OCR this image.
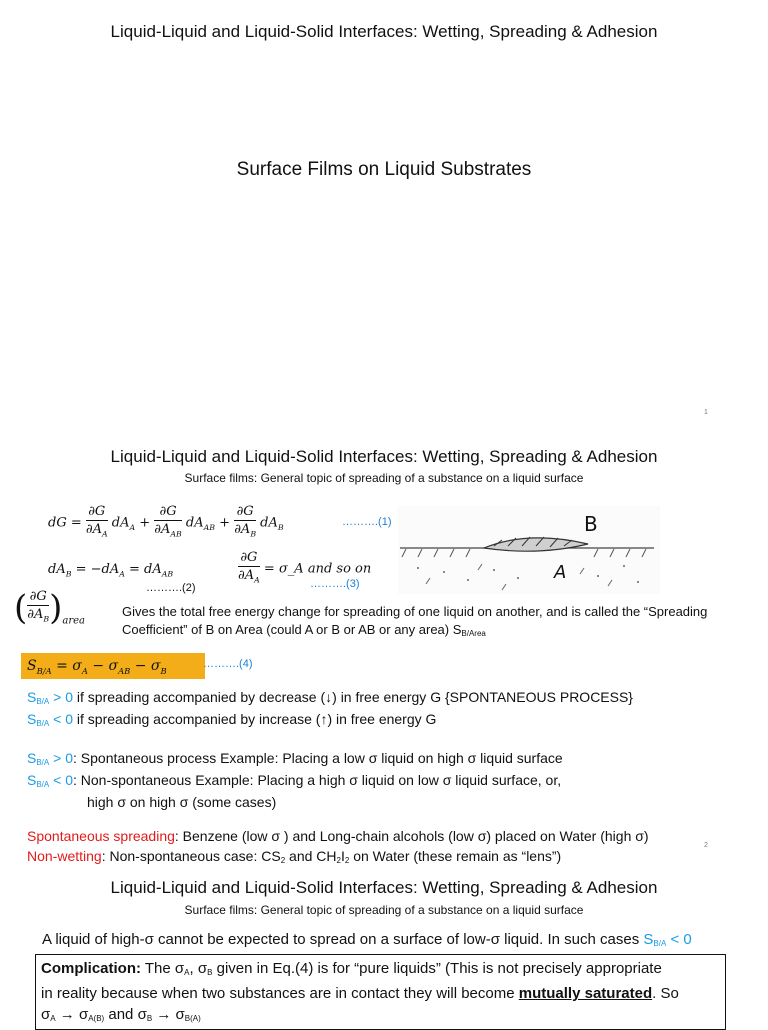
Liquid-Liquid and Liquid-Solid Interfaces: Wetting, Spreading & Adhesion
Surface Films on Liquid Substrates
1
Liquid-Liquid and Liquid-Solid Interfaces: Wetting, Spreading & Adhesion
Surface films: General topic of spreading of a substance on a liquid surface
dG = $\frac{\partial G}{\partial A_A} dA_A + \frac{\partial G}{\partial A_{AB}} dA_{AB} + \frac{\partial G}{\partial A_B} dA_B$	……….(1)
$dA_B = -dA_A = dA_{AB}$
……….(2)	$\frac{\partial G}{\partial A_A}$ = σ_A and so on
……….(3)
B
A
( $\frac{\partial G}{\partial A_B} )_{area}$
Gives the total free energy change for spreading of one liquid on another, and is called the “Spreading
Coefficient” of B on Area (could A or B or AB or any area) SB/Area
$S_{B/A} = \sigma_A - \sigma_{AB} - \sigma_B$
……….(4)
SB/A > 0 if spreading accompanied by decrease (↓) in free energy G {SPONTANEOUS PROCESS}
SB/A < 0 if spreading accompanied by increase (↑) in free energy G
SB/A > 0: Spontaneous process Example: Placing a low σ liquid on high σ liquid surface
SB/A < 0: Non-spontaneous Example: Placing a high σ liquid on low σ liquid surface, or,
high σ on high σ (some cases)
Spontaneous spreading: Benzene (low σ ) and Long-chain alcohols (low σ) placed on Water (high σ)
Non-wetting: Non-spontaneous case: CS2 and CH2I2 on Water (these remain as “lens”)
2
Liquid-Liquid and Liquid-Solid Interfaces: Wetting, Spreading & Adhesion
Surface films: General topic of spreading of a substance on a liquid surface
A liquid of high-σ cannot be expected to spread on a surface of low-σ liquid. In such cases SB/A < 0
Complication: The σA, σB given in Eq.(4) is for “pure liquids” (This is not precisely appropriate
in reality because when two substances are in contact they will become mutually saturated. So
σA → σA(B) and σB → σB(A)
